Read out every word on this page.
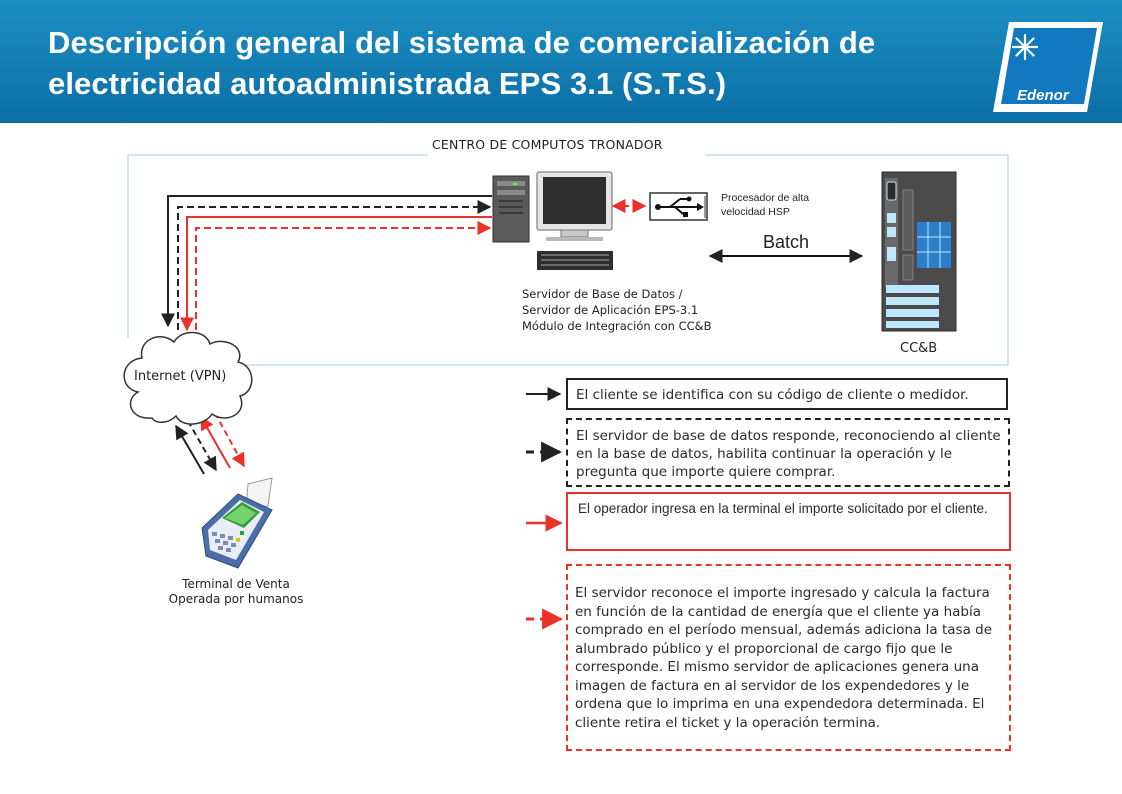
Descripción general del sistema de comercialización de
electricidad autoadministrada EPS 3.1 (S.T.S.)	Edenor
CENTRO DE COMPUTOS TRONADOR
Servidor de Base de Datos /
Servidor de Aplicación EPS-3.1
Módulo de Integración con CC&B
Procesador de alta
velocidad HSP
Batch
CC&B
Internet (VPN)
Terminal de Venta
Operada por humanos
El cliente se identifica con su código de cliente o medidor.
El servidor de base de datos responde, reconociendo al cliente en la base de datos, habilita continuar la operación y le pregunta que importe quiere comprar.
El operador ingresa en la terminal el importe solicitado por el cliente.
El servidor reconoce el importe ingresado y calcula la factura en función de la cantidad de energía que el cliente ya había comprado en el período mensual, además adiciona la tasa de alumbrado público y el proporcional de cargo fijo que le corresponde. El mismo servidor de aplicaciones genera una imagen de factura en al servidor de los expendedores y le ordena que lo imprima en una expendedora determinada. El cliente retira el ticket y la operación termina.
